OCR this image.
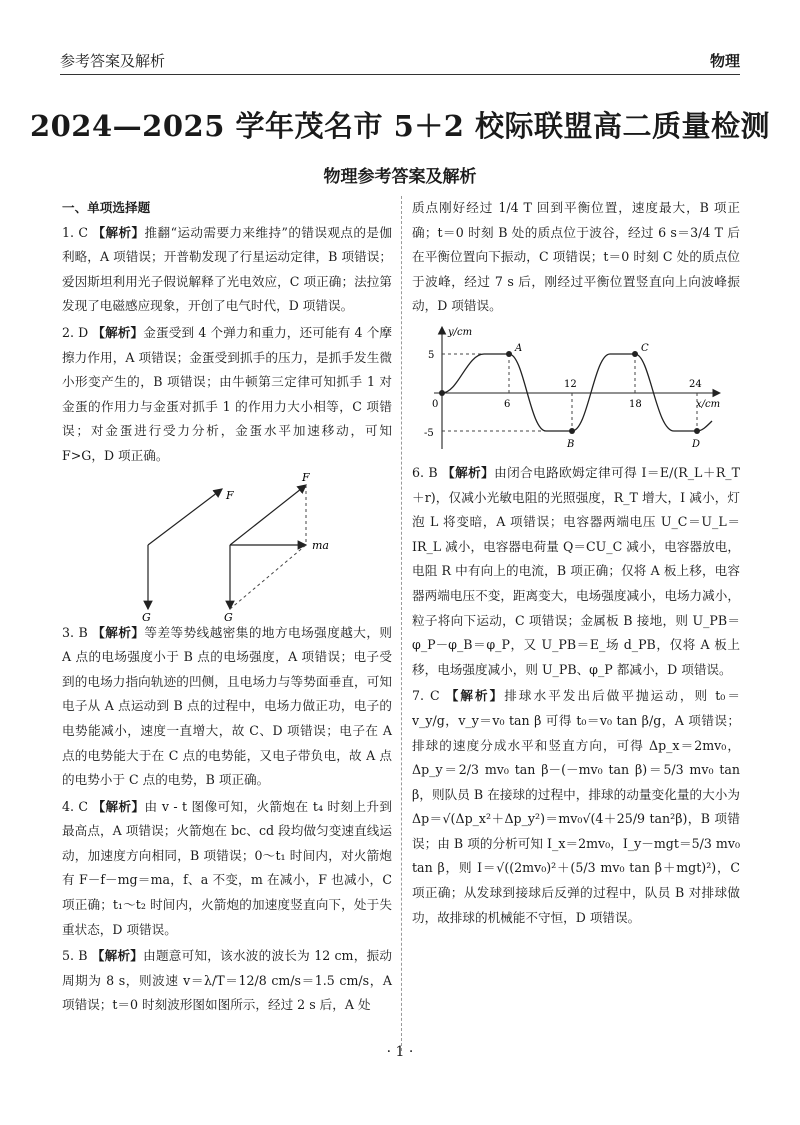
参考答案及解析	物理
2024—2025 学年茂名市 5＋2 校际联盟高二质量检测
物理参考答案及解析
一、单项选择题

1. C 【解析】推翻“运动需要力来维持”的错误观点的是伽利略，A 项错误；开普勒发现了行星运动定律，B 项错误；爱因斯坦利用光子假说解释了光电效应，C 项正确；法拉第发现了电磁感应现象，开创了电气时代，D 项错误。

2. D 【解析】金蛋受到 4 个弹力和重力，还可能有 4 个摩擦力作用，A 项错误；金蛋受到抓手的压力，是抓手发生微小形变产生的，B 项错误；由牛顿第三定律可知抓手 1 对金蛋的作用力与金蛋对抓手 1 的作用力大小相等，C 项错误；对金蛋进行受力分析，金蛋水平加速移动，可知 F>G，D 项正确。

F
G
F
ma
G

3. B 【解析】等差等势线越密集的地方电场强度越大，则 A 点的电场强度小于 B 点的电场强度，A 项错误；电子受到的电场力指向轨迹的凹侧，且电场力与等势面垂直，可知电子从 A 点运动到 B 点的过程中，电场力做正功，电子的电势能减小，速度一直增大，故 C、D 项错误；电子在 A 点的电势能大于在 C 点的电势能，又电子带负电，故 A 点的电势小于 C 点的电势，B 项正确。

4. C 【解析】由 v - t 图像可知，火箭炮在 t₄ 时刻上升到最高点，A 项错误；火箭炮在 bc、cd 段均做匀变速直线运动，加速度方向相同，B 项错误；0～t₁ 时间内，对火箭炮有 F－f－mg＝ma，f、a 不变，m 在减小，F 也减小，C 项正确；t₁～t₂ 时间内，火箭炮的加速度竖直向下，处于失重状态，D 项错误。

5. B 【解析】由题意可知，该水波的波长为 12 cm，振动周期为 8 s，则波速 v＝λ/T＝12/8 cm/s＝1.5 cm/s，A 项错误；t＝0 时刻波形图如图所示，经过 2 s 后，A 处

质点刚好经过 1/4 T 回到平衡位置，速度最大，B 项正确；t＝0 时刻 B 处的质点位于波谷，经过 6 s＝3/4 T 后在平衡位置向下振动，C 项错误；t＝0 时刻 C 处的质点位于波峰，经过 7 s 后，刚经过平衡位置竖直向上向波峰振动，D 项错误。

y/cm
x/cm
5
-5
0	6
12
18
24
A
B
C
D

6. B 【解析】由闭合电路欧姆定律可得 I＝E/(R_L＋R_T＋r)，仅减小光敏电阻的光照强度，R_T 增大，I 减小，灯泡 L 将变暗，A 项错误；电容器两端电压 U_C＝U_L＝IR_L 减小，电容器电荷量 Q＝CU_C 减小，电容器放电，电阻 R 中有向上的电流，B 项正确；仅将 A 板上移，电容器两端电压不变，距离变大，电场强度减小，电场力减小，粒子将向下运动，C 项错误；金属板 B 接地，则 U_PB＝φ_P－φ_B＝φ_P，又 U_PB＝E_场 d_PB，仅将 A 板上移，电场强度减小，则 U_PB、φ_P 都减小，D 项错误。

7. C 【解析】排球水平发出后做平抛运动，则 t₀＝v_y/g，v_y＝v₀ tan β 可得 t₀＝v₀ tan β/g，A 项错误；排球的速度分成水平和竖直方向，可得 Δp_x＝2mv₀，Δp_y＝2/3 mv₀ tan β－(－mv₀ tan β)＝5/3 mv₀ tan β，则队员 B 在接球的过程中，排球的动量变化量的大小为 Δp＝√(Δp_x²＋Δp_y²)＝mv₀√(4＋25/9 tan²β)，B 项错误；由 B 项的分析可知 I_x＝2mv₀，I_y－mgt＝5/3 mv₀ tan β，则 I＝√((2mv₀)²＋(5/3 mv₀ tan β＋mgt)²)，C 项正确；从发球到接球后反弹的过程中，队员 B 对排球做功，故排球的机械能不守恒，D 项错误。

· 1 ·
